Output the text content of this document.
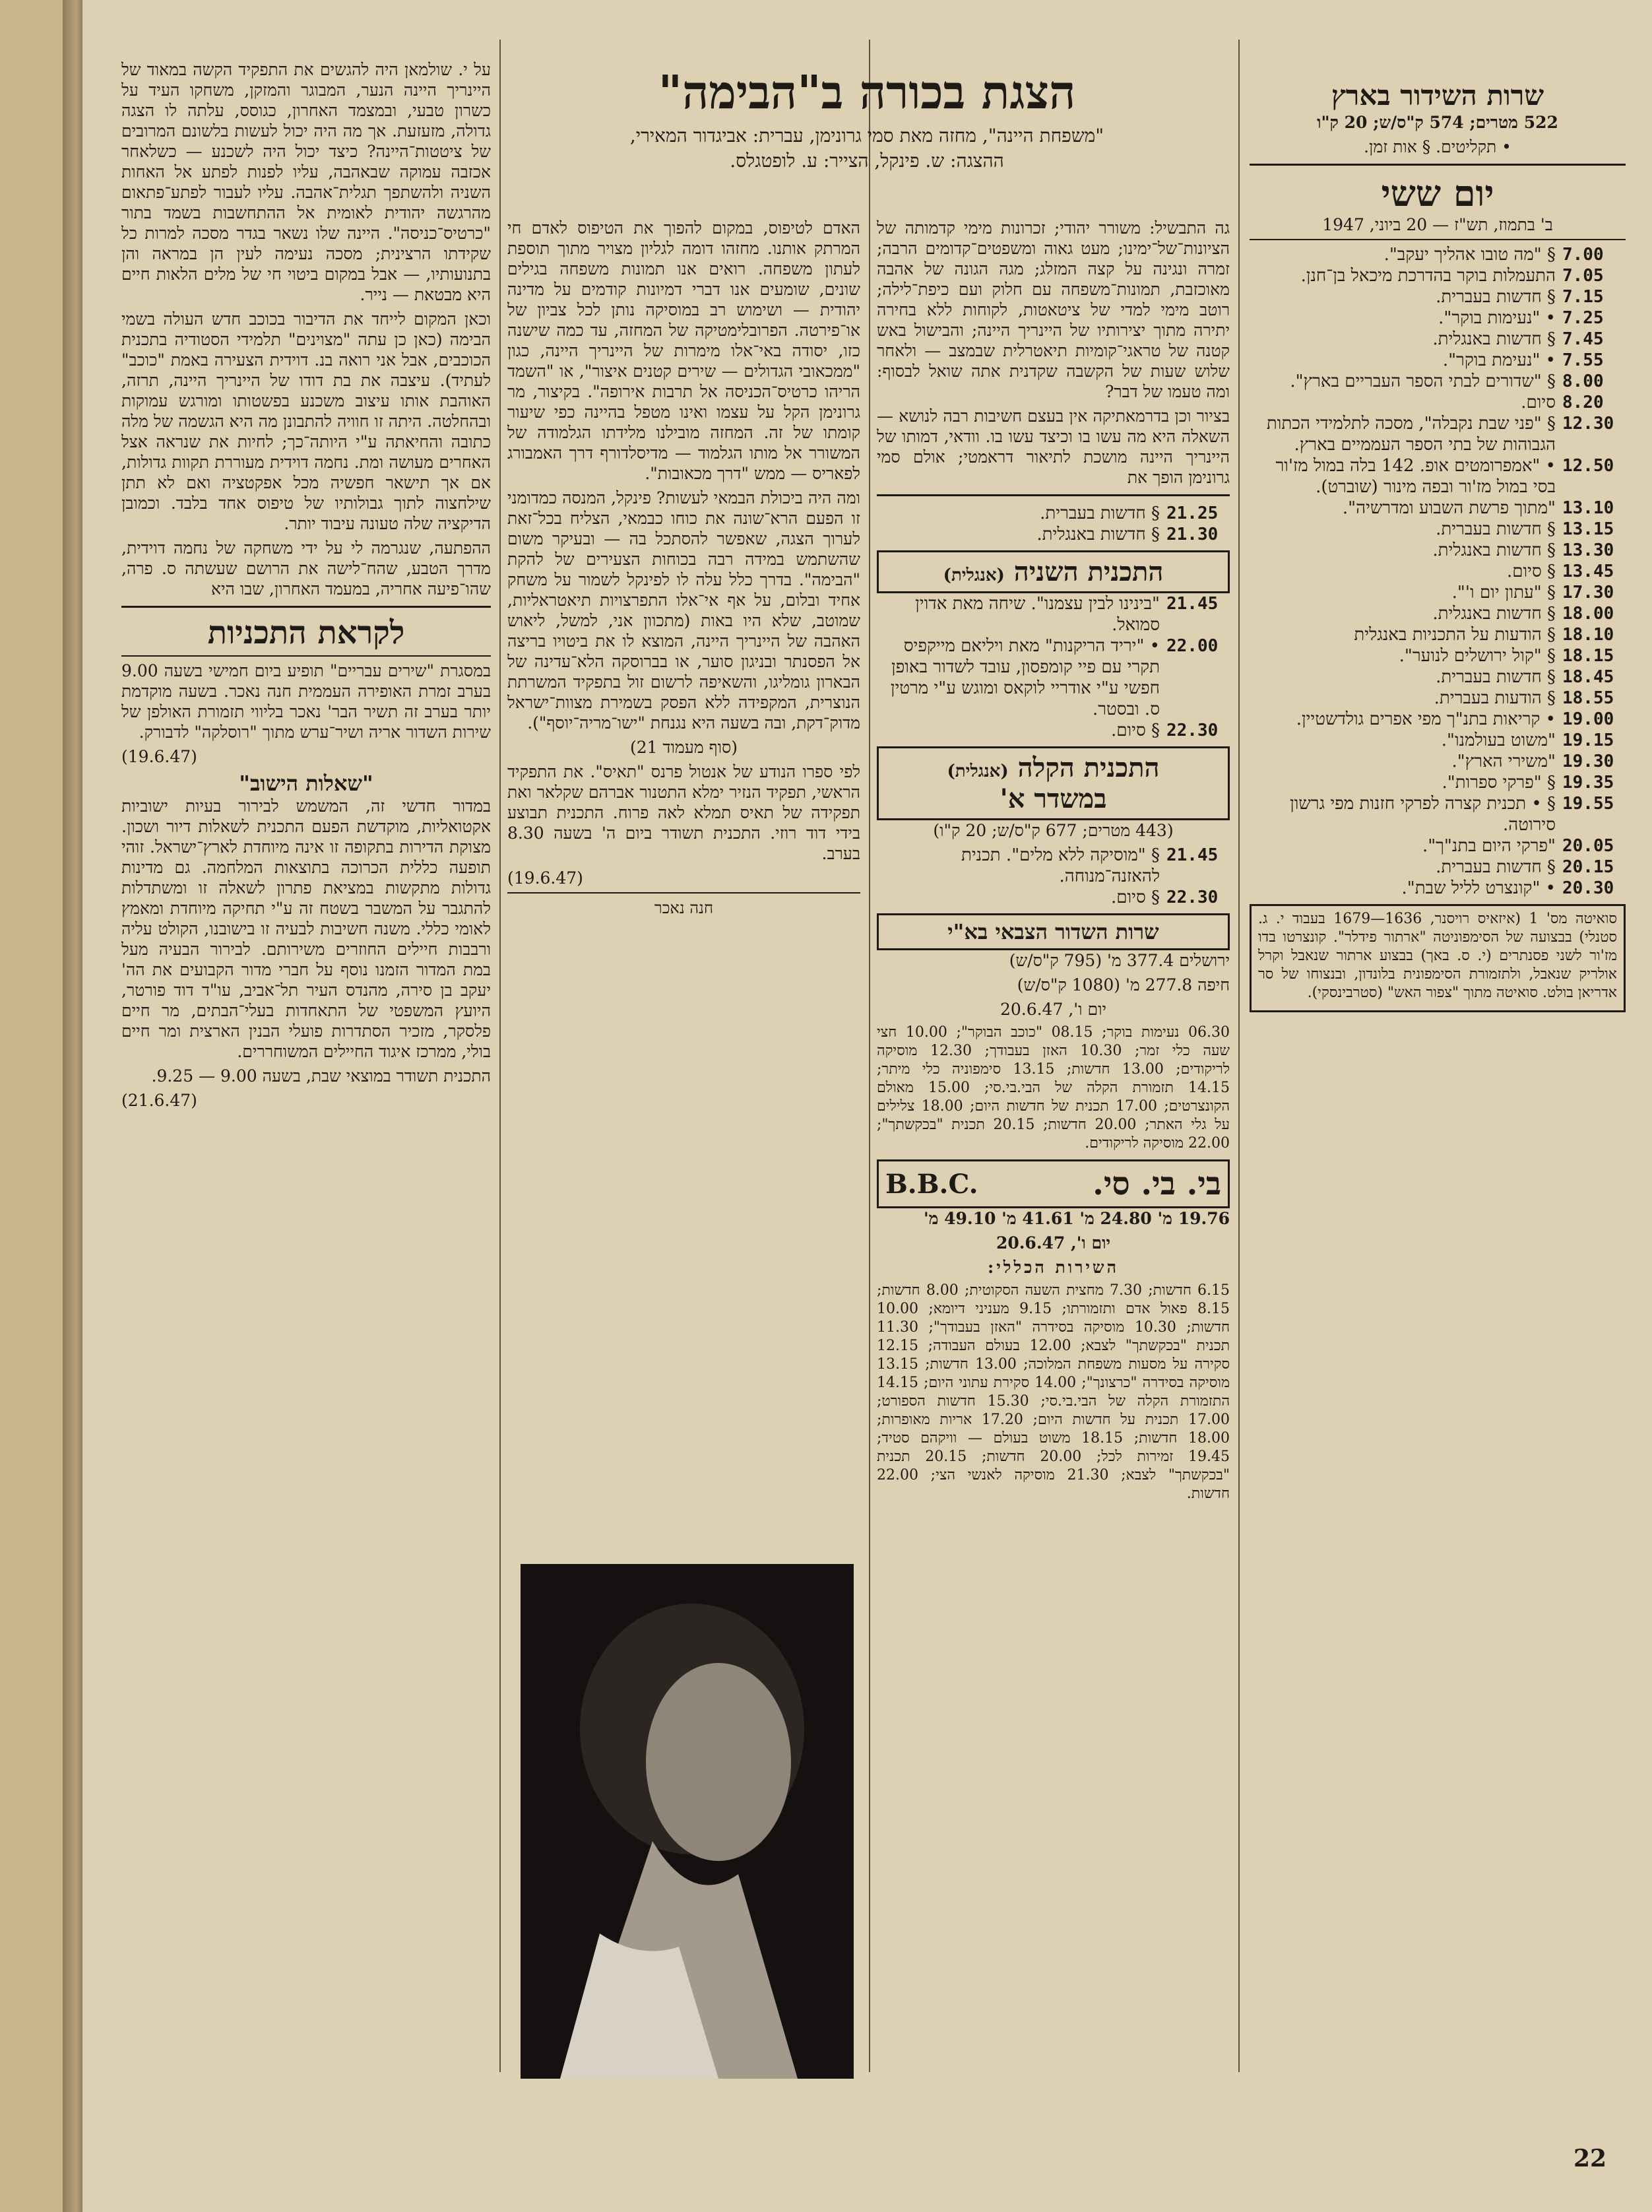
שרות השידור בארץ
522 מטרים; 574 ק"ס/ש; 20 ק"ו
• תקליטים. § אות זמן.
יום ששי
ב' בתמוז, תש"ז — 20 ביוני, 1947
7.00
§ "מה טובו אהליך יעקב".
7.05
התעמלות בוקר בהדרכת מיכאל בן־חנן.
7.15
§ חדשות בעברית.
7.25
• "נעימות בוקר".
7.45
§ חדשות באנגלית.
7.55
• "נעימת בוקר".
8.00
§ "שדורים לבתי הספר העבריים בארץ".
8.20
סיום.
12.30
§ "פני שבת נקבלה", מסכה לתלמידי הכתות הגבוהות של בתי הספר העממיים בארץ.
12.50
• "אמפרומטים אופ. 142 בלה במול מז'ור בסי במול מז'ור ובפה מינור (שוברט).
13.10
"מתוך פרשת השבוע ומדרשיה".
13.15
§ חדשות בעברית.
13.30
§ חדשות באנגלית.
13.45
§ סיום.
17.30
§ "עתון יום ו'".
18.00
§ חדשות באנגלית.
18.10
§ הודעות על התכניות באנגלית
18.15
§ "קול ירושלים לנוער".
18.45
§ חדשות בעברית.
18.55
§ הודעות בעברית.
19.00
• קריאות בתנ"ך מפי אפרים גולדשטיין.
19.15
"משוט בעולמנו".
19.30
"משירי הארץ".
19.35
§ "פרקי ספרות".
19.55
§ • תכנית קצרה לפרקי חזנות מפי גרשון סירוטה.
20.05
"פרקי היום בתנ"ך".
20.15
§ חדשות בעברית.
20.30
• "קונצרט לליל שבת".
סואיטה מס' 1 (איזאיס רויסנר, 1636—1679 בעבוד י. ג. סטנלי) בבצועה של הסימפוניטה "ארתור פידלר". קונצרטו בדו מז'ור לשני פסנתרים (י. ס. באך) בבצוע ארתור שנאבל וקרל אולריק שנאבל, ולתזמורת הסימפונית בלונדון, ובנצוחו של סר אדריאן בולט. סואיטה מתוך "צפור האש" (סטרבינסקי).

גה התבשיל: משורר יהודי; זכרונות מימי קדמותה של הציונות־של־ימינו; מעט גאוה ומשפטים־קדומים הרבה; זמרה ונגינה על קצה המזלג; מגה הגונה של אהבה מאוכזבת, תמונות־משפחה עם חלוק ועם כיפת־לילה; רוטב מימי למדי של ציטאטות, לקוחות ללא בחירה יתירה מתוך יצירותיו של היינריך היינה; והבישול באש קטנה של טראגי־קומיות תיאטרלית שבמצב — ולאחר שלוש שעות של הקשבה שקדנית אתה שואל לבסוף: ומה טעמו של דבר?

בציור וכן בדרמאתיקה אין בעצם חשיבות רבה לנושא — השאלה היא מה עשו בו וכיצד עשו בו. וודאי, דמותו של היינריך היינה מושכת לתיאור דראמטי; אולם סמי גרונימן הופך את

21.25
§ חדשות בעברית.
21.30
§ חדשות באנגלית.
התכנית השניה (אנגלית)
21.45
"בינינו לבין עצמנו". שיחה מאת אדוין סמואל.
22.00
• "יריד הריקנות" מאת ויליאם מייקפיס תקרי עם פיי קומפסון, עובד לשדור באופן חפשי ע"י אודריי לוקאס ומוגש ע"י מרטין ס. ובסטר.
22.30
§ סיום.
התכנית הקלה (אנגלית)
במשדר א'
(443 מטרים; 677 ק"ס/ש; 20 ק"ו)
21.45
§ "מוסיקה ללא מלים". תכנית להאזנה־מנוחה.
22.30
§ סיום.
שרות השדור הצבאי בא"י
ירושלים 377.4 מ' (795 ק"ס/ש)
חיפה 277.8 מ' (1080 ק"ס/ש)
יום ו', 20.6.47
06.30 נעימות בוקר; 08.15 "כוכב הבוקר"; 10.00 חצי שעה כלי זמר; 10.30 האזן בעבודך; 12.30 מוסיקה לריקודים; 13.00 חדשות; 13.15 סימפוניה כלי מיתר; 14.15 תזמורת הקלה של הבי.בי.סי; 15.00 מאולם הקונצרטים; 17.00 תכנית של חדשות היום; 18.00 צלילים על גלי האתר; 20.00 חדשות; 20.15 תכנית "בכקשתך"; 22.00 מוסיקה לריקודים.
בי. בי. סי.
B.B.C.
19.76 מ' 24.80 מ' 41.61 מ' 49.10 מ'
יום ו', 20.6.47
השירות הכללי:
6.15 חדשות; 7.30 מחצית השעה הסקוטית; 8.00 חדשות; 8.15 פאול אדם ותזמורתו; 9.15 מעניני דיומא; 10.00 חדשות; 10.30 מוסיקה בסידרה "האזן בעבודך"; 11.30 תכנית "בכקשתך" לצבא; 12.00 בעולם העבודה; 12.15 סקירה על מסעות משפחת המלוכה; 13.00 חדשות; 13.15 מוסיקה בסידרה "כרצונך"; 14.00 סקירת עתוני היום; 14.15 התזמורת הקלה של הבי.בי.סי; 15.30 חדשות הספורט; 17.00 תכנית על חדשות היום; 17.20 אריות מאופרות; 18.00 חדשות; 18.15 משוט בעולם — וויקהם סטיד; 19.45 זמירות לכל; 20.00 חדשות; 20.15 תכנית "בכקשתך" לצבא; 21.30 מוסיקה לאנשי הצי; 22.00 חדשות.
הצגת בכורה ב"הבימה"
"משפחת היינה", מחזה מאת סמי גרונימן, עברית: אביגדור המאירי,
ההצגה: ש. פינקל, הצייר: ע. לופטגלס.

האדם לטיפוס, במקום להפוך את הטיפוס לאדם חי המרתק אותנו. מחזהו דומה לגליון מצויר מתוך תוספת לעתון משפחה. רואים אנו תמונות משפחה בגילים שונים, שומעים אנו דברי דמיונות קודמים על מדינה יהודית — ושימוש רב במוסיקה נותן לכל צביון של או־פירטה. הפרובלימטיקה של המחזה, עד כמה שישנה כזו, יסודה באי־אלו מימרות של היינריך היינה, כגון "ממכאובי הגדולים — שירים קטנים איצור", או "השמד הריהו כרטיס־הכניסה אל תרבות אירופה". בקיצור, מר גרונימן הקל על עצמו ואינו מטפל בהיינה כפי שיעור קומתו של זה. המחזה מובילנו מלידתו הגלמודה של המשורר אל מותו הגלמוד — מדיסלדורף דרך האמבורג לפאריס — ממש "דרך מכאובות".

ומה היה ביכולת הבמאי לעשות? פינקל, המנסה כמדומני זו הפעם הרא־שונה את כוחו כבמאי, הצליח בכל־זאת לערוך הצגה, שאפשר להסתכל בה — ובעיקר משום שהשתמש במידה רבה בכוחות הצעירים של להקת "הבימה". בדרך כלל עלה לו לפינקל לשמור על משחק אחיד ובלום, על אף אי־אלו התפרצויות תיאטראליות, שמוטב, שלא היו באות (מתכוון אני, למשל, ליאוש האהבה של היינריך היינה, המוצא לו את ביטויו בריצה אל הפסנתר ובניגון סוער, או בברוסקה הלא־עדינה של הבארון גומליגו, והשאיפה לרשום זול בתפקיד המשרתת הנוצרית, המקפידה ללא הפסק בשמירת מצוות־ישראל מדוק־דקת, ובה בשעה היא נגנחת "ישו־מריה־יוסף").

(סוף מעמוד 21)

לפי ספרו הנודע של אנטול פרנס "תאיס". את התפקיד הראשי, תפקיד הנזיר ימלא התטנור אברהם שקלאר ואת תפקידה של תאיס תמלא לאה פרוח. התכנית תבוצע בידי דוד רוזי. התכנית תשודר ביום ה' בשעה 8.30 בערב.

(19.6.47)
חנה נאכר

על י. שולמאן היה להגשים את התפקיד הקשה במאוד של היינריך היינה הנער, המבוגר והמזקן, משחקו העיד על כשרון טבעי, ובמצמד האחרון, כגוסס, עלתה לו הצגה גדולה, מזעזעת. אך מה היה יכול לעשות בלשונם המרובים של ציטטות־היינה? כיצד יכול היה לשכנע — כשלאחר אכזבה עמוקה שבאהבה, עליו לפנות לפתע אל האחות השניה ולהשתפך תגלית־אהבה. עליו לעבור לפתע־פתאום מהרגשה יהודית לאומית אל ההתחשבות בשמד בתור "כרטיס־כניסה". היינה שלו נשאר בגדר מסכה למרות כל שקידתו הרצינית; מסכה נעימה לעין הן במראה והן בתנועותיו, — אבל במקום ביטוי חי של מלים הלאות חיים היא מבטאת — נייר.

וכאן המקום לייחד את הדיבור בכוכב חדש העולה בשמי הבימה (כאן כן עתה "מצוינים" תלמידי הסטודיה בתכנית הכוכבים, אבל אני רואה בנ. דוידית הצעירה באמת "כוכב" לעתיד). עיצבה את בת דודו של היינריך היינה, תרזה, האוהבת אותו עיצוב משכנע בפשטותו ומורגש עמוקות ובהחלטה. היתה זו חוויה להתבונן מה היא הגשמה של מלה כתובה והחיאתה ע"י היותה־כך; לחיות את שנראה אצל האחרים מעושה ומת. נחמה דוידית מעוררת תקוות גדולות, אם אך תישאר חפשיה מכל אפקטציה ואם לא תתן שילחצוה לתוך גבולותיו של טיפוס אחד בלבד. וכמובן הדיקציה שלה טעונה עיבוד יותר.

ההפתעה, שנגרמה לי על ידי משחקה של נחמה דוידית, מדרך הטבע, שהח־לישה את הרושם שעשתה ס. פרה, שהו־פיעה אחריה, במעמד האחרון, שבו היא

לקראת התכניות

במסגרת "שירים עבריים" תופיע ביום חמישי בשעה 9.00 בערב זמרת האופירה העממית חנה נאכר. בשעה מוקדמת יותר בערב זה תשיר הבר' נאכר בליווי תזמורת האולפן של שירות השדור אריה ושיר־ערש מתוך "רוסלקה" לדבורק.

(19.6.47)
"שאלות הישוב"

במדור חדשי זה, המשמש לבירור בעיות ישוביות אקטואליות, מוקדשת הפעם התכנית לשאלות דיור ושכון. מצוקת הדירות בתקופה זו אינה מיוחדת לארץ־ישראל. זוהי תופעה כללית הכרוכה בתוצאות המלחמה. גם מדינות גדולות מתקשות במציאת פתרון לשאלה זו ומשתדלות להתגבר על המשבר בשטח זה ע"י תחיקה מיוחדת ומאמץ לאומי כללי. משנה חשיבות לבעיה זו בישובנו, הקולט עליה ורבבות חיילים החוזרים משירותם. לבירור הבעיה מעל במת המדור הזמנו נוסף על חברי מדור הקבועים את הה' יעקב בן סירה, מהנדס העיר תל־אביב, עו"ד דוד פורטר, היועץ המשפטי של התאחדות בעלי־הבתים, מר חיים פלסקר, מזכיר הסתדרות פועלי הבנין הארצית ומר חיים בולי, ממרכז איגוד החיילים המשוחררים.

התכנית תשודר במוצאי שבת, בשעה 9.00 — 9.25.

(21.6.47)
22
